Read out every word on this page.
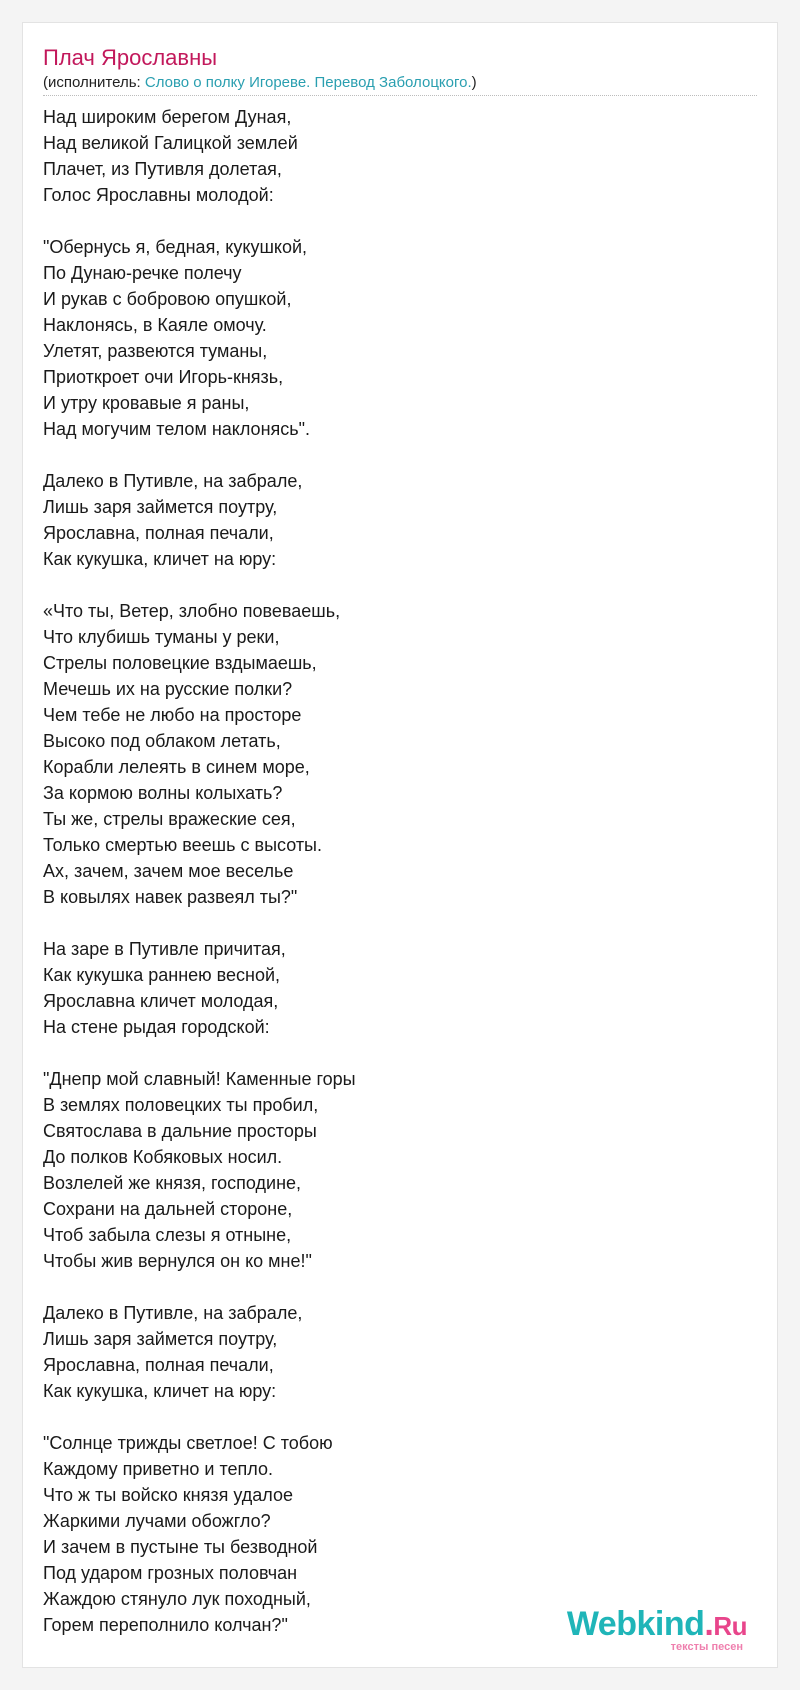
Плач Ярославны
(исполнитель: Слово о полку Игореве. Перевод Заболоцкого.)
Над широким берегом Дуная,
Над великой Галицкой землей
Плачет, из Путивля долетая,
Голос Ярославны молодой:
"Обернусь я, бедная, кукушкой,
По Дунаю-речке полечу
И рукав с бобровою опушкой,
Наклонясь, в Каяле омочу.
Улетят, развеются туманы,
Приоткроет очи Игорь-князь,
И утру кровавые я раны,
Над могучим телом наклонясь".
Далеко в Путивле, на забрале,
Лишь заря займется поутру,
Ярославна, полная печали,
Как кукушка, кличет на юру:
«Что ты, Ветер, злобно повеваешь,
Что клубишь туманы у реки,
Стрелы половецкие вздымаешь,
Мечешь их на русские полки?
Чем тебе не любо на просторе
Высоко под облаком летать,
Корабли лелеять в синем море,
За кормою волны колыхать?
Ты же, стрелы вражеские сея,
Только смертью веешь с высоты.
Ах, зачем, зачем мое веселье
В ковылях навек развеял ты?"
На заре в Путивле причитая,
Как кукушка раннею весной,
Ярославна кличет молодая,
На стене рыдая городской:
"Днепр мой славный! Каменные горы
В землях половецких ты пробил,
Святослава в дальние просторы
До полков Кобяковых носил.
Возлелей же князя, господине,
Сохрани на дальней стороне,
Чтоб забыла слезы я отныне,
Чтобы жив вернулся он ко мне!"
Далеко в Путивле, на забрале,
Лишь заря займется поутру,
Ярославна, полная печали,
Как кукушка, кличет на юру:
"Солнце трижды светлое! С тобою
Каждому приветно и тепло.
Что ж ты войско князя удалое
Жаркими лучами обожгло?
И зачем в пустыне ты безводной
Под ударом грозных половчан
Жаждою стянуло лук походный,
Горем переполнило колчан?"	Webkind.Ru
тексты песен
